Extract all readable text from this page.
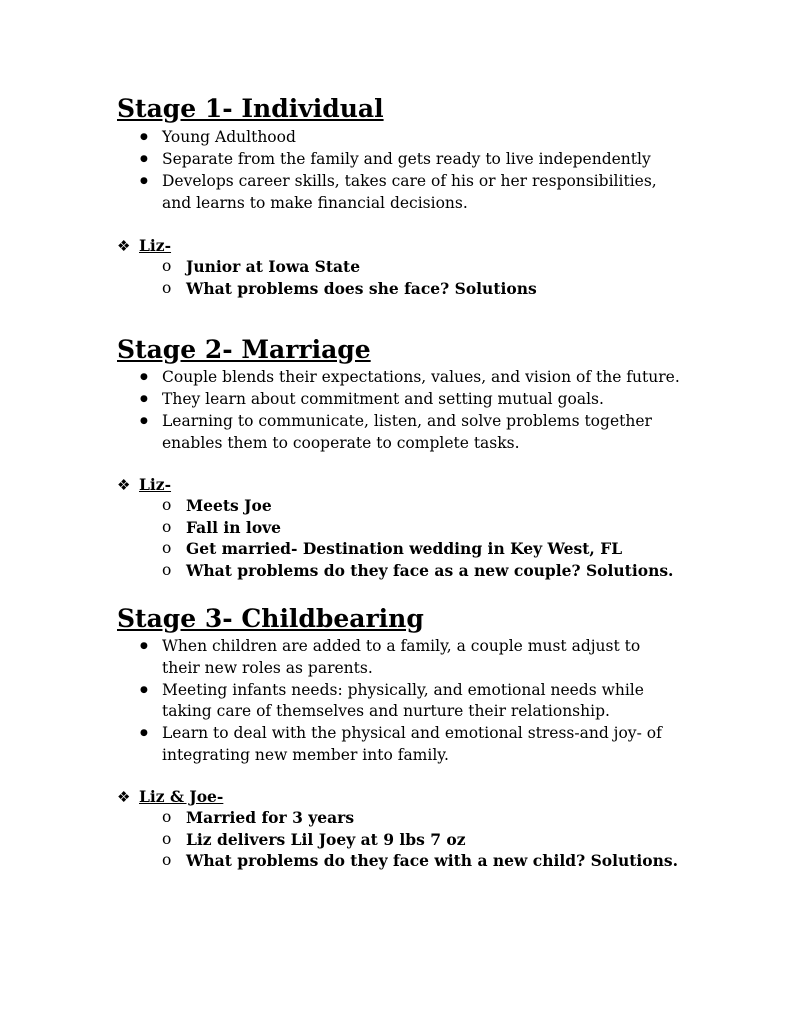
Stage 1- Individual
● Young Adulthood
● Separate from the family and gets ready to live independently
● Develops career skills, takes care of his or her responsibilities, and learns to make financial decisions.
❖ Liz-
o Junior at Iowa State
o What problems does she face? Solutions
Stage 2- Marriage
● Couple blends their expectations, values, and vision of the future.
● They learn about commitment and setting mutual goals.
● Learning to communicate, listen, and solve problems together enables them to cooperate to complete tasks.
❖ Liz-
o Meets Joe
o Fall in love
o Get married- Destination wedding in Key West, FL
o What problems do they face as a new couple? Solutions.
Stage 3- Childbearing
● When children are added to a family, a couple must adjust to their new roles as parents.
● Meeting infants needs: physically, and emotional needs while taking care of themselves and nurture their relationship.
● Learn to deal with the physical and emotional stress-and joy- of integrating new member into family.
❖ Liz & Joe-
o Married for 3 years
o Liz delivers Lil Joey at 9 lbs 7 oz
o What problems do they face with a new child? Solutions.
